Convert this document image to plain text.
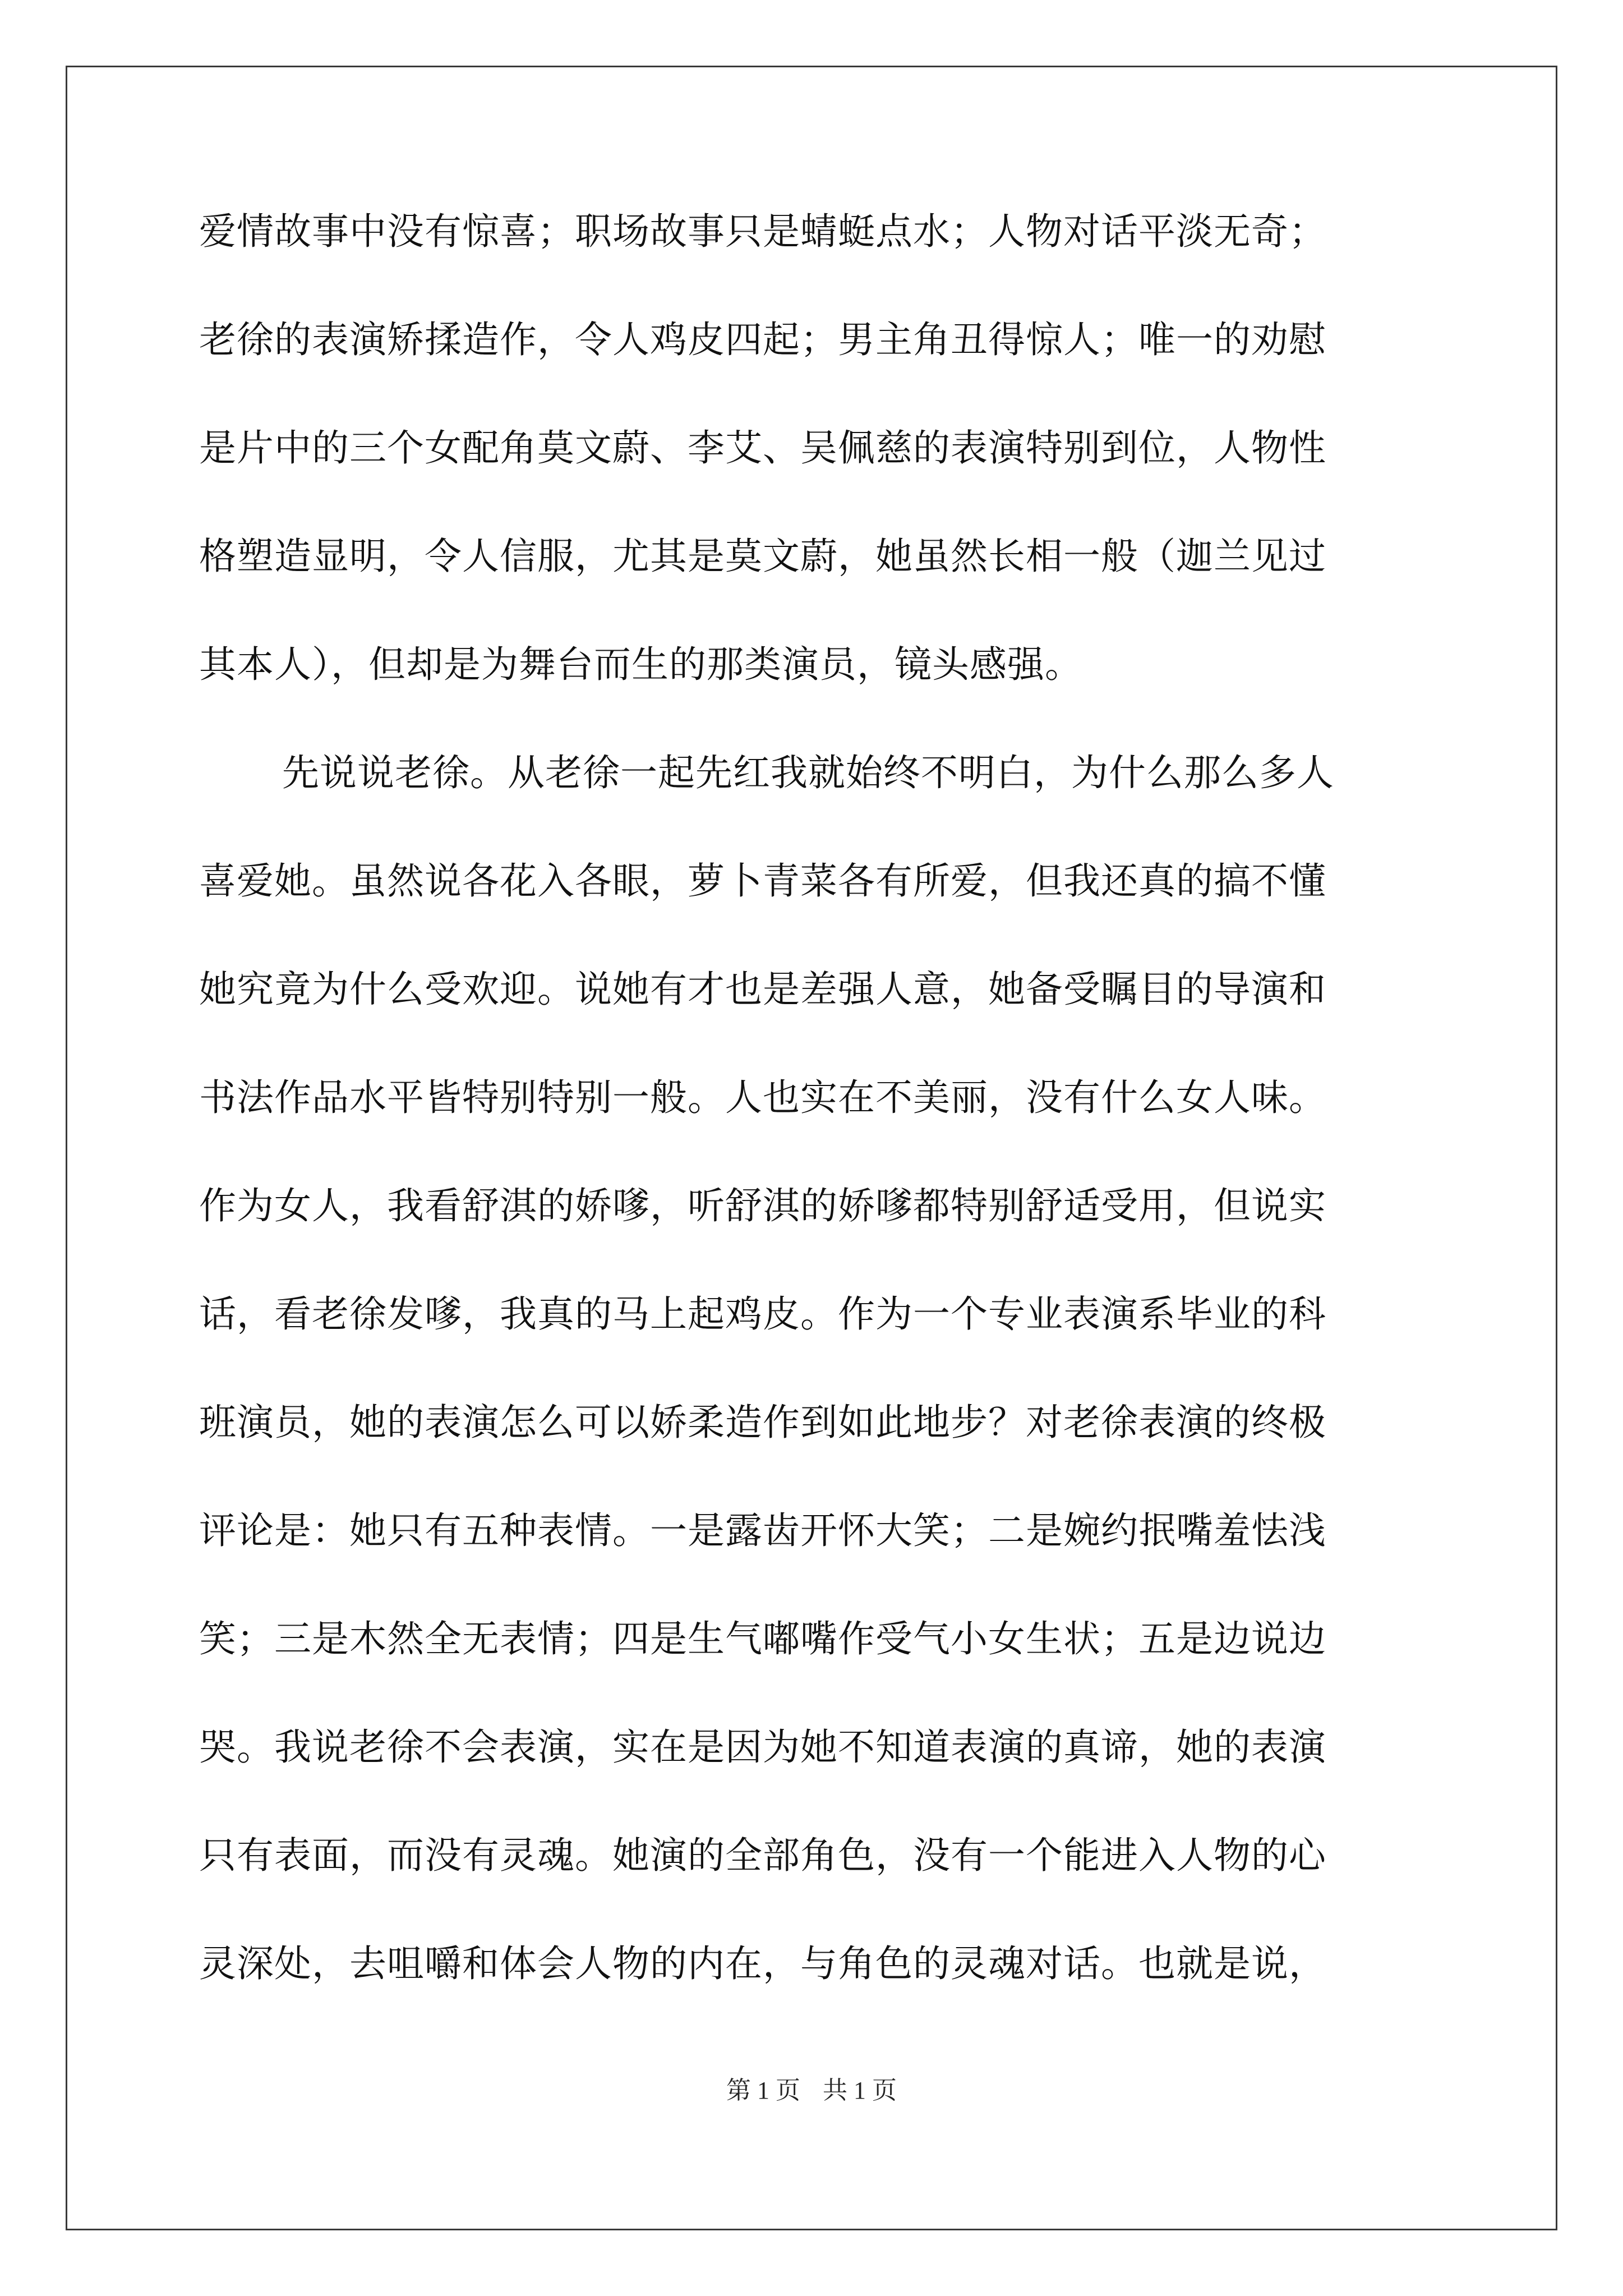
爱情故事中没有惊喜；职场故事只是蜻蜓点水；人物对话平淡无奇；
老徐的表演矫揉造作，令人鸡皮四起；男主角丑得惊人；唯一的劝慰
是片中的三个女配角莫文蔚、李艾、吴佩慈的表演特别到位，人物性
格塑造显明，令人信服，尤其是莫文蔚，她虽然长相一般（迦兰见过
其本人），但却是为舞台而生的那类演员，镜头感强。
先说说老徐。从老徐一起先红我就始终不明白，为什么那么多人
喜爱她。虽然说各花入各眼，萝卜青菜各有所爱，但我还真的搞不懂
她究竟为什么受欢迎。说她有才也是差强人意，她备受瞩目的导演和
书法作品水平皆特别特别一般。人也实在不美丽，没有什么女人味。
作为女人，我看舒淇的娇嗲，听舒淇的娇嗲都特别舒适受用，但说实
话，看老徐发嗲，我真的马上起鸡皮。作为一个专业表演系毕业的科
班演员，她的表演怎么可以娇柔造作到如此地步？对老徐表演的终极
评论是：她只有五种表情。一是露齿开怀大笑；二是婉约抿嘴羞怯浅
笑；三是木然全无表情；四是生气嘟嘴作受气小女生状；五是边说边
哭。我说老徐不会表演，实在是因为她不知道表演的真谛，她的表演
只有表面，而没有灵魂。她演的全部角色，没有一个能进入人物的心
灵深处，去咀嚼和体会人物的内在，与角色的灵魂对话。也就是说，
第 1 页 共 1 页
